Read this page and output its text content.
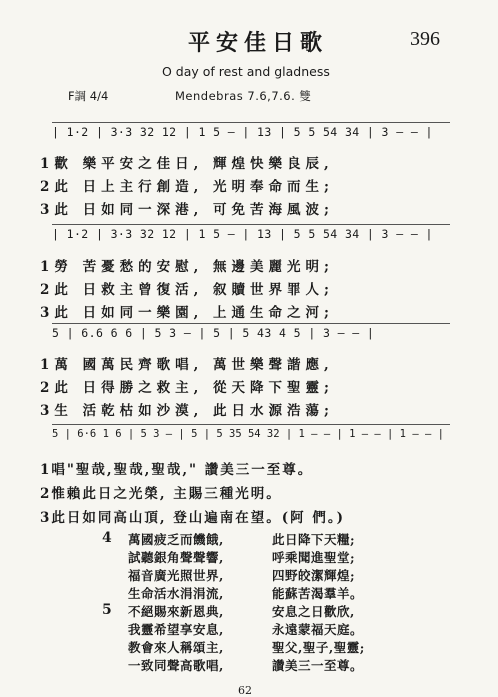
平安佳日歌	396
O day of rest and gladness
F調 4/4	Mendebras 7.6,7.6. 雙
| 1·2 | 3·3 32 12 | 1 5 — | 13 | 5 5 54 34 | 3 — — |
1歡 樂平安之佳日, 輝煌快樂良辰,
2此 日上主行創造, 光明奉命而生;
3此 日如同一深港, 可免苦海風波;
| 1·2 | 3·3 32 12 | 1 5 — | 13 | 5 5 54 34 | 3 — — |
1勞 苦憂愁的安慰, 無邊美麗光明;
2此 日救主曾復活, 叙贖世界罪人;
3此 日如同一樂園, 上通生命之河;
5 | 6.6 6 6 | 5 3 — | 5 | 5 43 4 5 | 3 — — |
1萬 國萬民齊歌唱, 萬世樂聲諧應,
2此 日得勝之救主, 從天降下聖靈;
3生 活乾枯如沙漠, 此日水源浩蕩;
5 | 6·6 1 6 | 5 3 — | 5 | 5 35 54 32 | 1 — — | 1 — — | 1 — — |
1唱"聖哉,聖哉,聖哉," 讚美三一至尊。
2惟賴此日之光榮, 主賜三種光明。
3此日如同高山頂, 登山遍南在望。(阿 們。)
4 萬國疲乏而饑餓,
試聽銀角聲聲響,
福音廣光照世界,
生命活水涓涓流,
此日降下天糧;
呼乘聞進聖堂;
四野皎潔輝煌;
能蘇苦渴羣羊。
5 不絕賜來新恩典,
我靈希望享安息,
教會來人稱頌主,
一致同聲高歌唱,
安息之日歡欣,
永遠蒙福天庭。
聖父,聖子,聖靈;
讚美三一至尊。
62
